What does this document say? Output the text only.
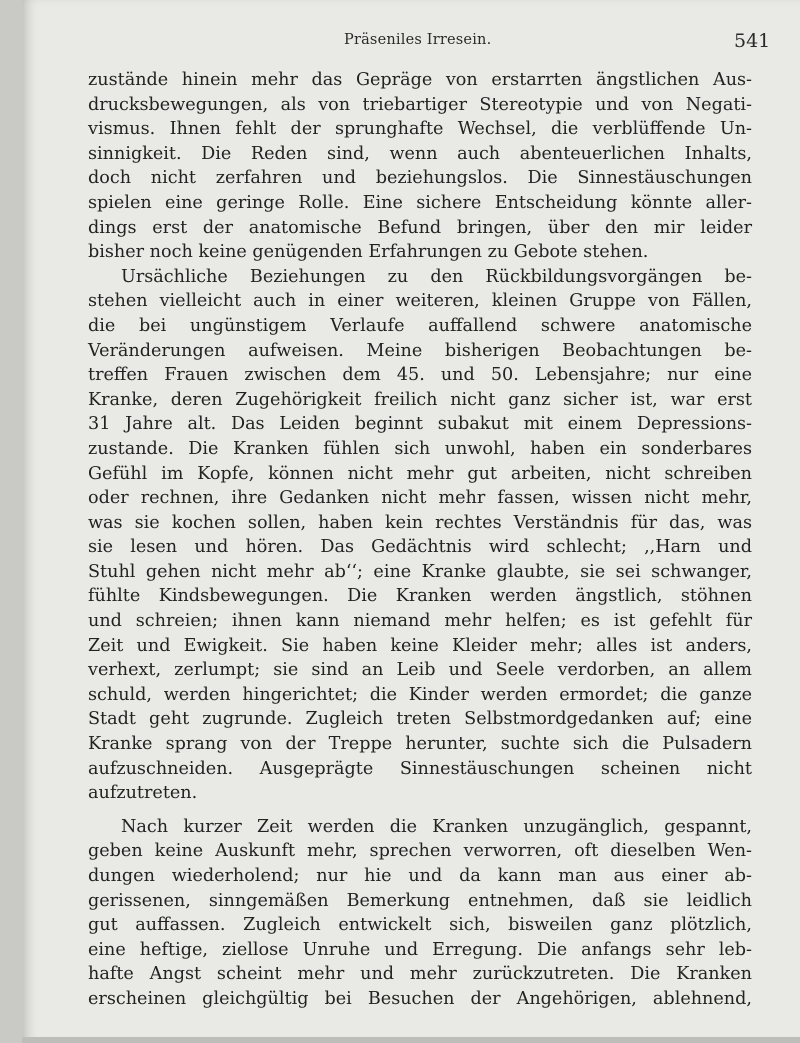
Präseniles Irresein.	541
zustände hinein mehr das Gepräge von erstarrten ängstlichen Aus-
drucksbewegungen, als von triebartiger Stereotypie und von Negati-
vismus. Ihnen fehlt der sprunghafte Wechsel, die verblüffende Un-
sinnigkeit. Die Reden sind, wenn auch abenteuerlichen Inhalts,
doch nicht zerfahren und beziehungslos. Die Sinnestäuschungen
spielen eine geringe Rolle. Eine sichere Entscheidung könnte aller-
dings erst der anatomische Befund bringen, über den mir leider
bisher noch keine genügenden Erfahrungen zu Gebote stehen.
Ursächliche Beziehungen zu den Rückbildungsvorgängen be-
stehen vielleicht auch in einer weiteren, kleinen Gruppe von Fällen,
die bei ungünstigem Verlaufe auffallend schwere anatomische
Veränderungen aufweisen. Meine bisherigen Beobachtungen be-
treffen Frauen zwischen dem 45. und 50. Lebensjahre; nur eine
Kranke, deren Zugehörigkeit freilich nicht ganz sicher ist, war erst
31 Jahre alt. Das Leiden beginnt subakut mit einem Depressions-
zustande. Die Kranken fühlen sich unwohl, haben ein sonderbares
Gefühl im Kopfe, können nicht mehr gut arbeiten, nicht schreiben
oder rechnen, ihre Gedanken nicht mehr fassen, wissen nicht mehr,
was sie kochen sollen, haben kein rechtes Verständnis für das, was
sie lesen und hören. Das Gedächtnis wird schlecht; ,,Harn und
Stuhl gehen nicht mehr ab‘‘; eine Kranke glaubte, sie sei schwanger,
fühlte Kindsbewegungen. Die Kranken werden ängstlich, stöhnen
und schreien; ihnen kann niemand mehr helfen; es ist gefehlt für
Zeit und Ewigkeit. Sie haben keine Kleider mehr; alles ist anders,
verhext, zerlumpt; sie sind an Leib und Seele verdorben, an allem
schuld, werden hingerichtet; die Kinder werden ermordet; die ganze
Stadt geht zugrunde. Zugleich treten Selbstmordgedanken auf; eine
Kranke sprang von der Treppe herunter, suchte sich die Pulsadern
aufzuschneiden. Ausgeprägte Sinnestäuschungen scheinen nicht
aufzutreten.
Nach kurzer Zeit werden die Kranken unzugänglich, gespannt,
geben keine Auskunft mehr, sprechen verworren, oft dieselben Wen-
dungen wiederholend; nur hie und da kann man aus einer ab-
gerissenen, sinngemäßen Bemerkung entnehmen, daß sie leidlich
gut auffassen. Zugleich entwickelt sich, bisweilen ganz plötzlich,
eine heftige, ziellose Unruhe und Erregung. Die anfangs sehr leb-
hafte Angst scheint mehr und mehr zurückzutreten. Die Kranken
erscheinen gleichgültig bei Besuchen der Angehörigen, ablehnend,
